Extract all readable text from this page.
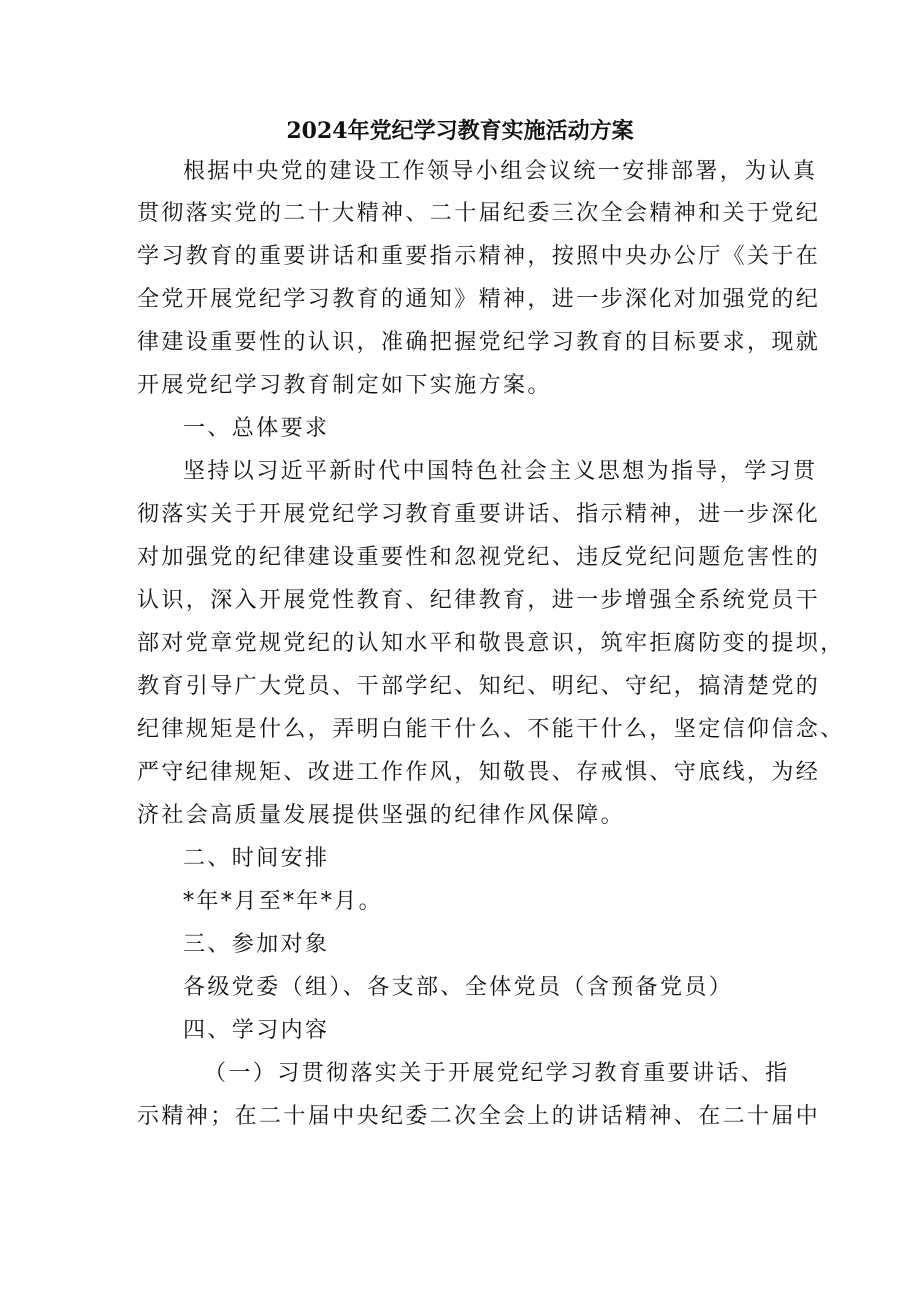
2024年党纪学习教育实施活动方案
根据中央党的建设工作领导小组会议统一安排部署，为认真
贯彻落实党的二十大精神、二十届纪委三次全会精神和关于党纪
学习教育的重要讲话和重要指示精神，按照中央办公厅《关于在
全党开展党纪学习教育的通知》精神，进一步深化对加强党的纪
律建设重要性的认识，准确把握党纪学习教育的目标要求，现就
开展党纪学习教育制定如下实施方案。
一、总体要求
坚持以习近平新时代中国特色社会主义思想为指导，学习贯
彻落实关于开展党纪学习教育重要讲话、指示精神，进一步深化
对加强党的纪律建设重要性和忽视党纪、违反党纪问题危害性的
认识，深入开展党性教育、纪律教育，进一步增强全系统党员干
部对党章党规党纪的认知水平和敬畏意识，筑牢拒腐防变的提坝，
教育引导广大党员、干部学纪、知纪、明纪、守纪，搞清楚党的
纪律规矩是什么，弄明白能干什么、不能干什么，坚定信仰信念、
严守纪律规矩、改进工作作风，知敬畏、存戒惧、守底线，为经
济社会高质量发展提供坚强的纪律作风保障。
二、时间安排
*年*月至*年*月。
三、参加对象
各级党委（组）、各支部、全体党员（含预备党员）
四、学习内容
（一）习贯彻落实关于开展党纪学习教育重要讲话、指
示精神；在二十届中央纪委二次全会上的讲话精神、在二十届中
